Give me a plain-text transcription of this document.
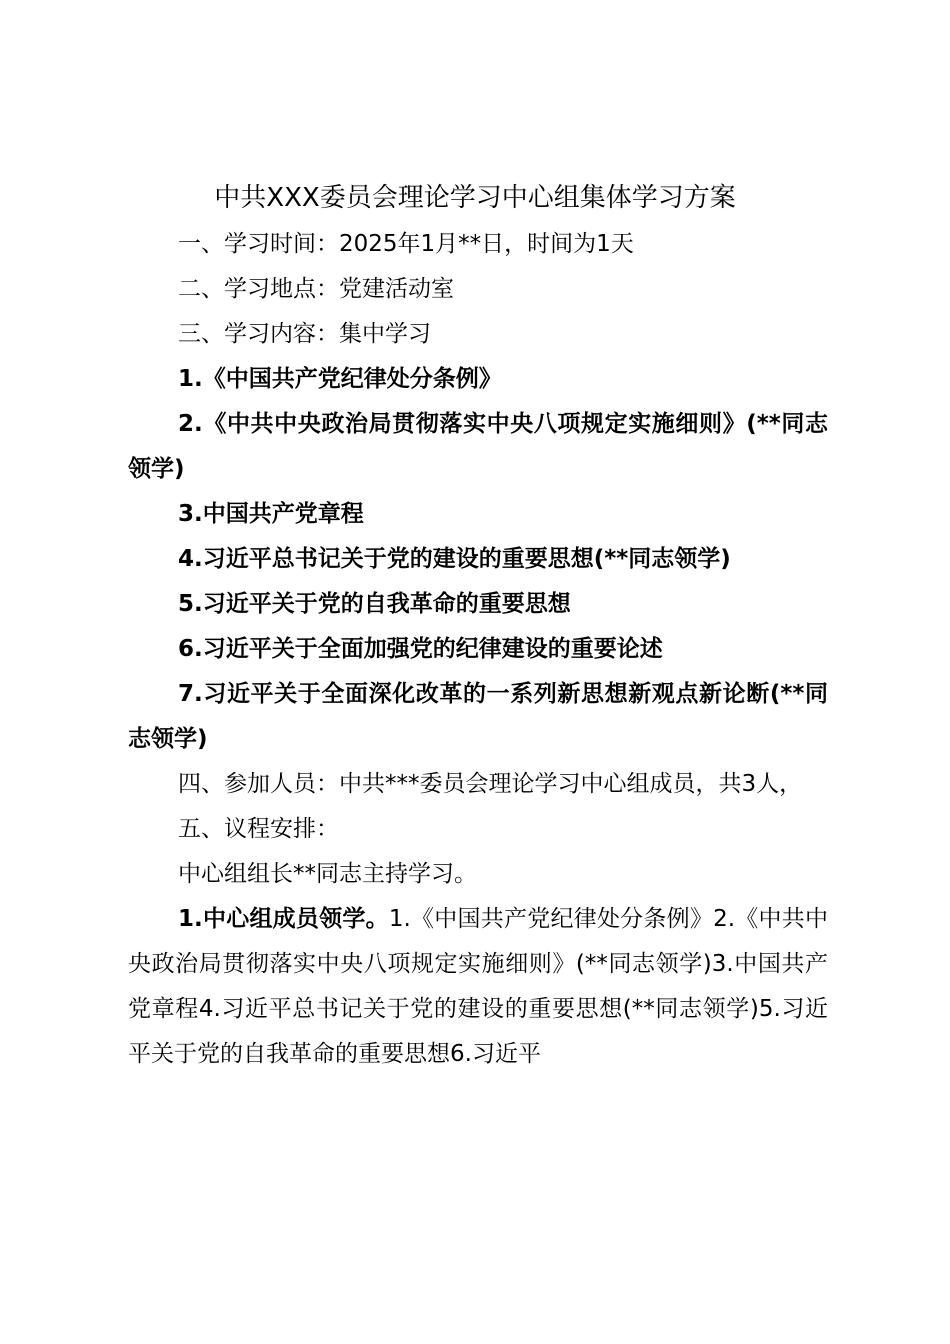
中共XXX委员会理论学习中心组集体学习方案

一、学习时间：2025年1月**日，时间为1天

二、学习地点：党建活动室

三、学习内容：集中学习

1.《中国共产党纪律处分条例》

2.《中共中央政治局贯彻落实中央八项规定实施细则》(**同志领学)

3.中国共产党章程

4.习近平总书记关于党的建设的重要思想(**同志领学)

5.习近平关于党的自我革命的重要思想

6.习近平关于全面加强党的纪律建设的重要论述

7.习近平关于全面深化改革的一系列新思想新观点新论断(**同志领学)

四、参加人员：中共***委员会理论学习中心组成员，共3人，

五、议程安排：

中心组组长**同志主持学习。

1.中心组成员领学。1.《中国共产党纪律处分条例》2.《中共中央政治局贯彻落实中央八项规定实施细则》(**同志领学)3.中国共产党章程4.习近平总书记关于党的建设的重要思想(**同志领学)5.习近平关于党的自我革命的重要思想6.习近平
